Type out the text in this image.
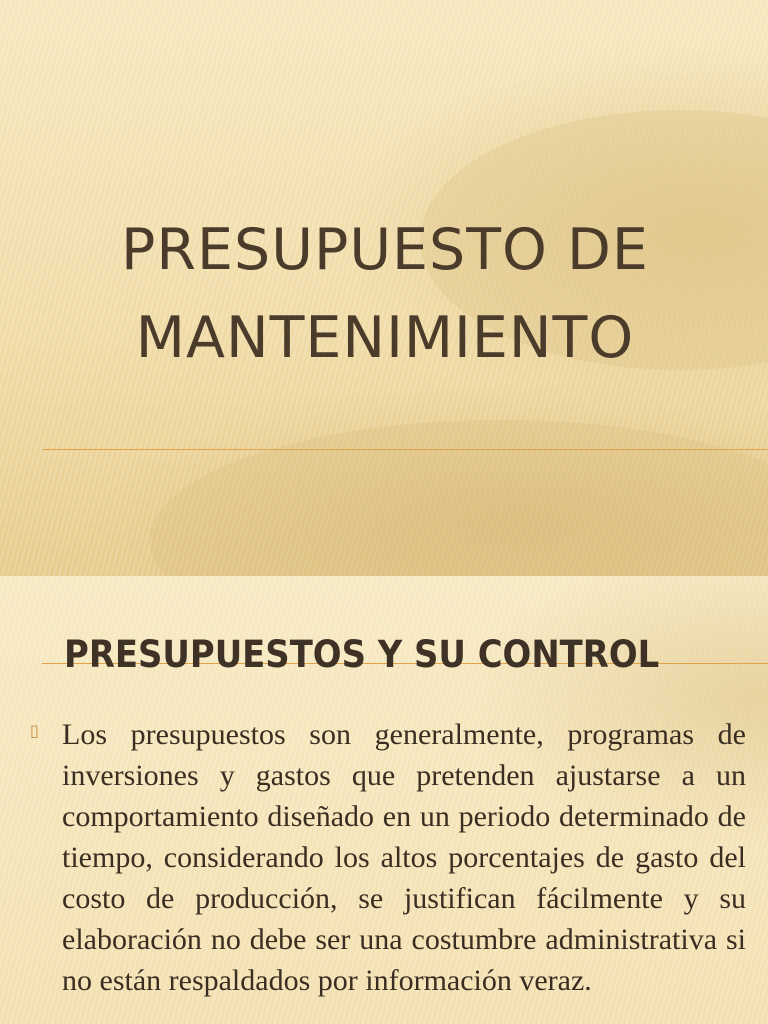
PRESUPUESTO DE
MANTENIMIENTO
PRESUPUESTOS Y SU CONTROL
▯ Los presupuestos son generalmente, programas de inversiones y gastos que pretenden ajustarse a un comportamiento diseñado en un periodo determinado de tiempo, considerando los altos porcentajes de gasto del costo de producción, se justifican fácilmente y su elaboración no debe ser una costumbre administrativa si no están respaldados por información veraz.
